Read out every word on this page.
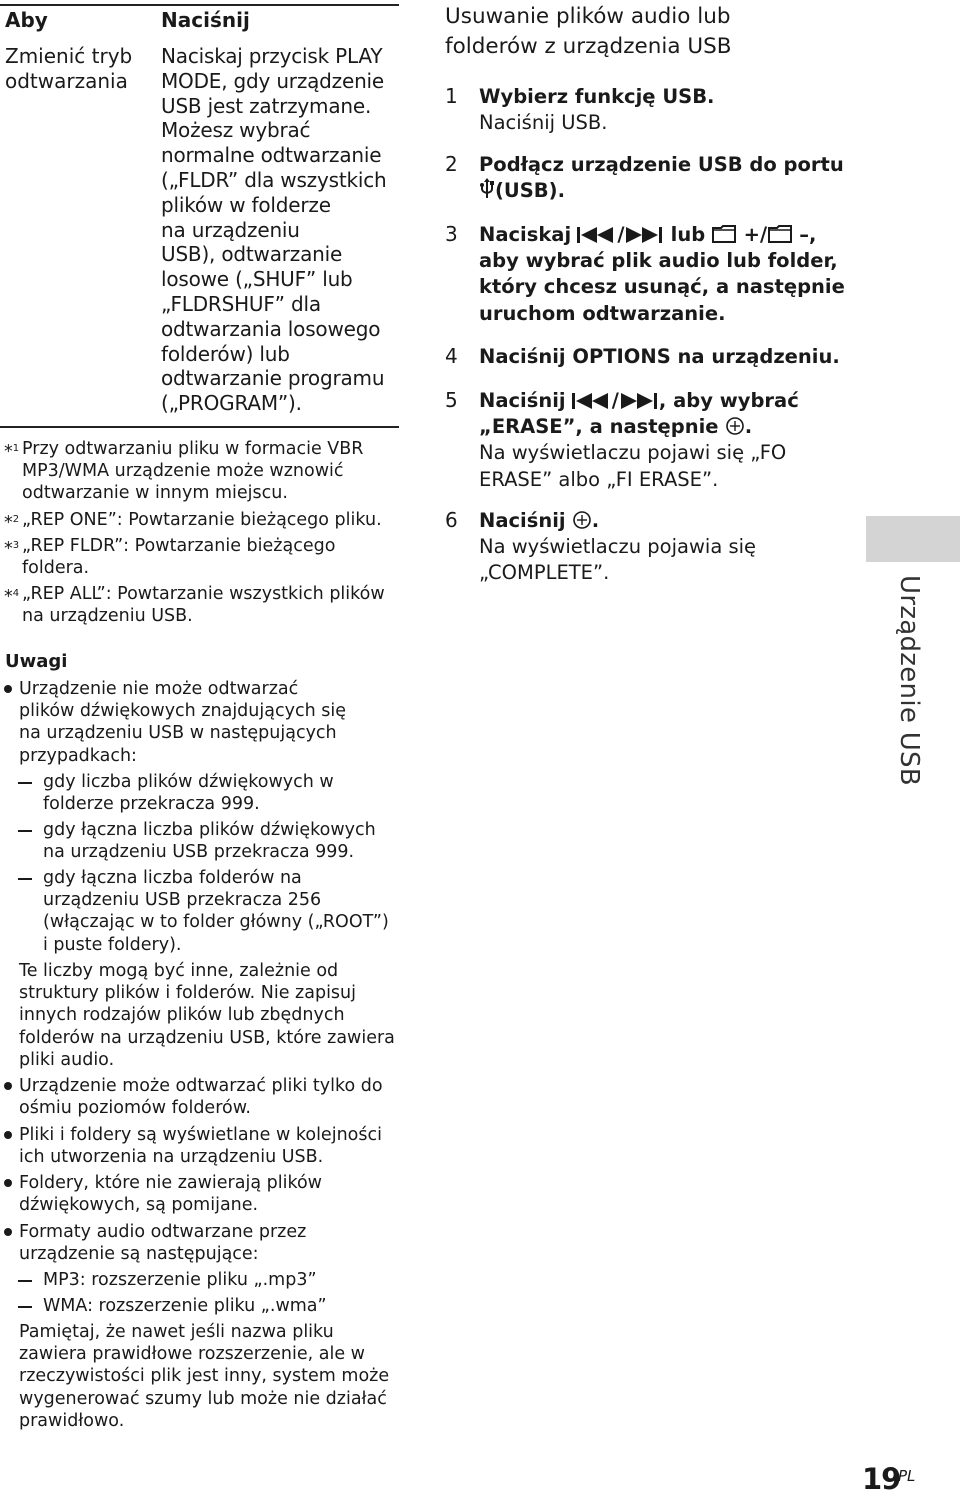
Aby	Naciśnij
Zmienić tryb
odtwarzania
Naciskaj przycisk PLAY
MODE, gdy urządzenie
USB jest zatrzymane.
Możesz wybrać
normalne odtwarzanie
(„FLDR” dla wszystkich
plików w folderze
na urządzeniu
USB), odtwarzanie
losowe („SHUF” lub
„FLDRSHUF” dla
odtwarzania losowego
folderów) lub
odtwarzanie programu
(„PROGRAM”).
*$^1$ Przy odtwarzaniu pliku w formacie VBR
MP3/WMA urządzenie może wznowić
odtwarzanie w innym miejscu.
*$^2$ „REP ONE”: Powtarzanie bieżącego pliku.
*$^3$ „REP FLDR”: Powtarzanie bieżącego
foldera.
*$^4$ „REP ALL”: Powtarzanie wszystkich plików
na urządzeniu USB.
Uwagi
Urządzenie nie może odtwarzać
plików dźwiękowych znajdujących się
na urządzeniu USB w następujących
przypadkach:
gdy liczba plików dźwiękowych w
folderze przekracza 999.
gdy łączna liczba plików dźwiękowych
na urządzeniu USB przekracza 999.
gdy łączna liczba folderów na
urządzeniu USB przekracza 256
(włączając w to folder główny („ROOT”)
i puste foldery).
Te liczby mogą być inne, zależnie od
struktury plików i folderów. Nie zapisuj
innych rodzajów plików lub zbędnych
folderów na urządzeniu USB, które zawiera
pliki audio.
Urządzenie może odtwarzać pliki tylko do
ośmiu poziomów folderów.
Pliki i foldery są wyświetlane w kolejności
ich utworzenia na urządzeniu USB.
Foldery, które nie zawierają plików
dźwiękowych, są pomijane.
Formaty audio odtwarzane przez
urządzenie są następujące:
MP3: rozszerzenie pliku „.mp3”
WMA: rozszerzenie pliku „.wma”
Pamiętaj, że nawet jeśli nazwa pliku
zawiera prawidłowe rozszerzenie, ale w
rzeczywistości plik jest inny, system może
wygenerować szumy lub może nie działać
prawidłowo.
Usuwanie plików audio lub
folderów z urządzenia USB
1 Wybierz funkcję USB.
Naciśnij USB.
2 Podłącz urządzenie USB do portu
(USB).
3 Naciskaj / lub +/ –,
aby wybrać plik audio lub folder,
który chcesz usunąć, a następnie
uruchom odtwarzanie.
4 Naciśnij OPTIONS na urządzeniu.
5 Naciśnij / , aby wybrać
„ERASE”, a następnie .
Na wyświetlaczu pojawi się „FO
ERASE” albo „FI ERASE”.
6 Naciśnij .
Na wyświetlaczu pojawia się
„COMPLETE”.
Urządzenie USB
19
PL
